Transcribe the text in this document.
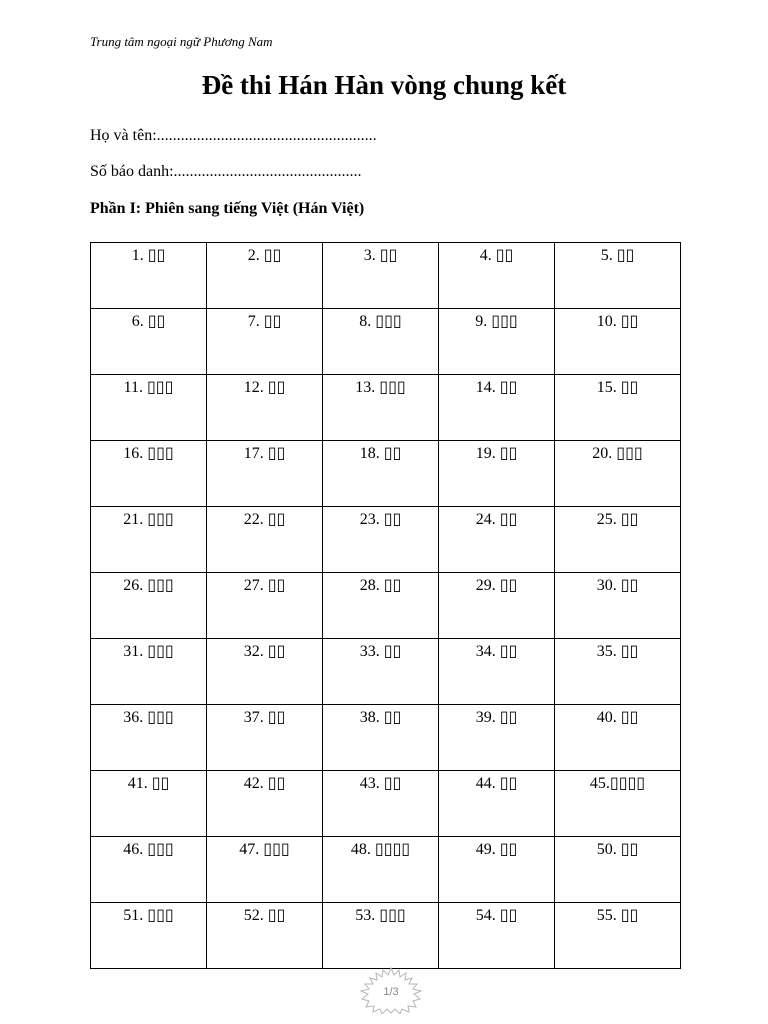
Trung tâm ngoại ngữ Phương Nam
Đề thi Hán Hàn vòng chung kết
Họ và tên:.......................................................
Số báo danh:...............................................
Phần I: Phiên sang tiếng Việt (Hán Việt)
1. ▯▯	2. ▯▯	3. ▯▯	4. ▯▯	5. ▯▯
6. ▯▯	7. ▯▯	8. ▯▯▯	9. ▯▯▯	10. ▯▯
11. ▯▯▯	12. ▯▯	13. ▯▯▯	14. ▯▯	15. ▯▯
16. ▯▯▯	17. ▯▯	18. ▯▯	19. ▯▯	20. ▯▯▯
21. ▯▯▯	22. ▯▯	23. ▯▯	24. ▯▯	25. ▯▯
26. ▯▯▯	27. ▯▯	28. ▯▯	29. ▯▯	30. ▯▯
31. ▯▯▯	32. ▯▯	33. ▯▯	34. ▯▯	35. ▯▯
36. ▯▯▯	37. ▯▯	38. ▯▯	39. ▯▯	40. ▯▯
41. ▯▯	42. ▯▯	43. ▯▯	44. ▯▯	45.▯▯▯▯
46. ▯▯▯	47. ▯▯▯	48. ▯▯▯▯	49. ▯▯	50. ▯▯
51. ▯▯▯	52. ▯▯	53. ▯▯▯	54. ▯▯	55. ▯▯
1/3
